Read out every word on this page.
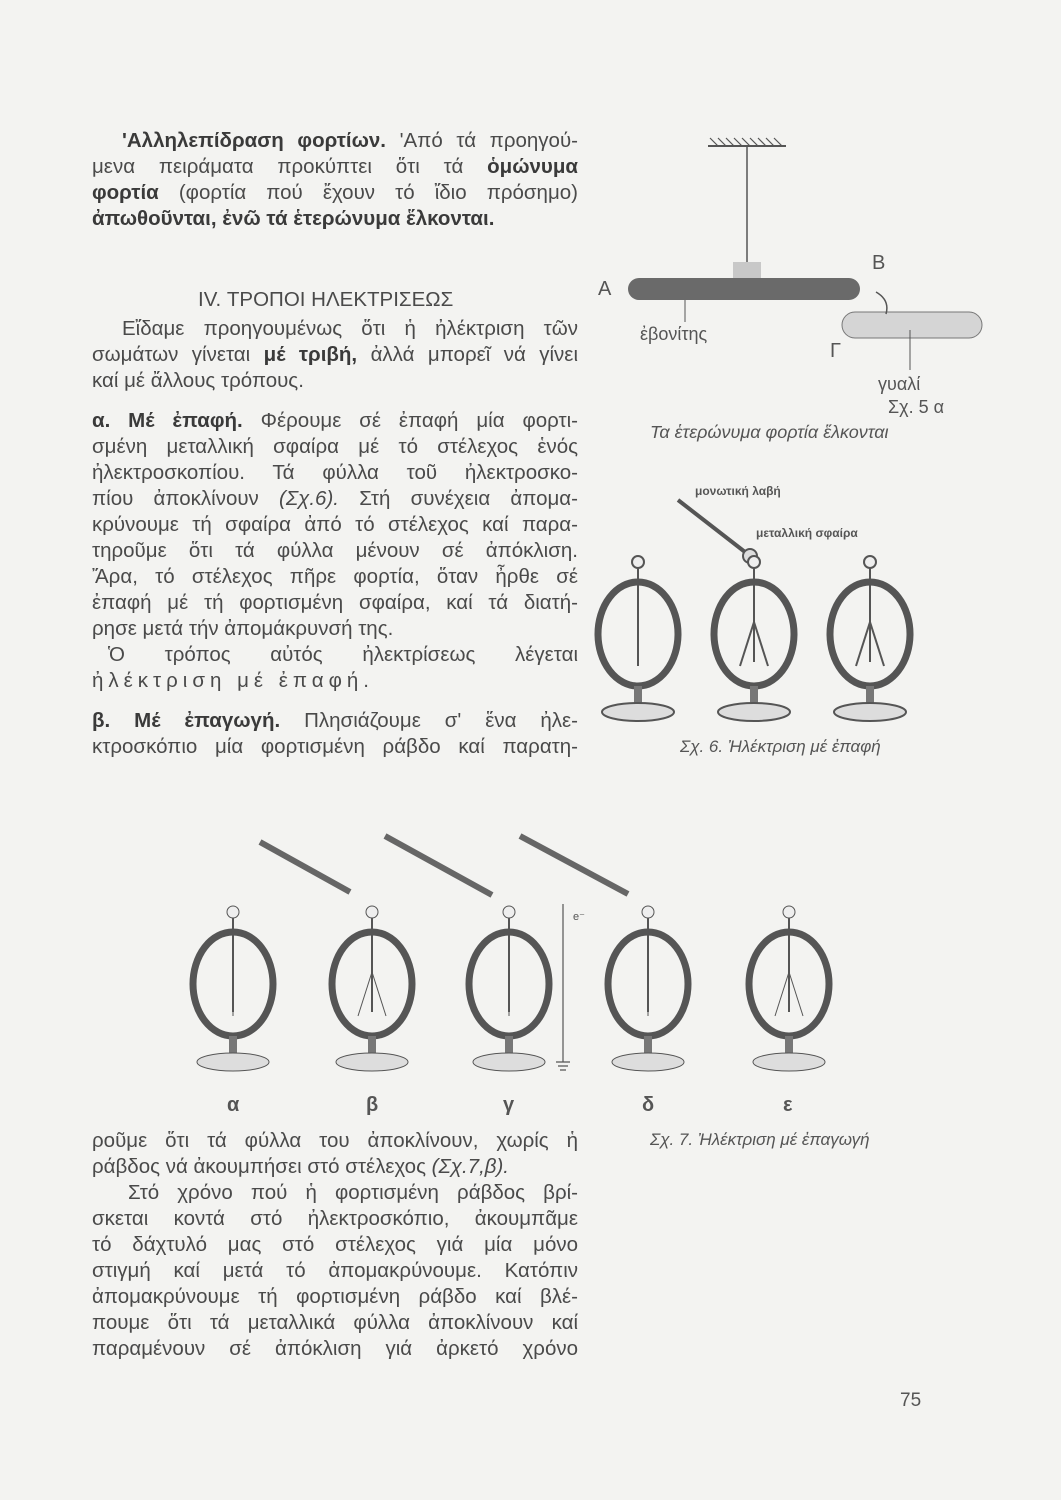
'Αλληλεπίδραση φορτίων. 'Από τά προηγού-
μενα πειράματα προκύπτει ὅτι τά ὁμώνυμα
φορτία (φορτία πού ἔχουν τό ἴδιο πρόσημο)
ἀπωθοῦνται, ἐνῶ τά ἑτερώνυμα ἕλκονται.
IV. ΤΡΟΠΟΙ ΗΛΕΚΤΡΙΣΕΩΣ
Εἴδαμε προηγουμένως ὅτι ἡ ἠλέκτριση τῶν
σωμάτων γίνεται μέ τριβή, ἀλλά μπορεῖ νά γίνει
καί μέ ἄλλους τρόπους.
α. Μέ ἐπαφή. Φέρουμε σέ ἐπαφή μία φορτι-
σμένη μεταλλική σφαίρα μέ τό στέλεχος ἑνός
ἠλεκτροσκοπίου. Τά φύλλα τοῦ ἠλεκτροσκο-
πίου ἀποκλίνουν (Σχ.6). Στή συνέχεια ἀπομα-
κρύνουμε τή σφαίρα ἀπό τό στέλεχος καί παρα-
τηροῦμε ὅτι τά φύλλα μένουν σέ ἀπόκλιση.
Ἄρα, τό στέλεχος πῆρε φορτία, ὅταν ἦρθε σέ
ἐπαφή μέ τή φορτισμένη σφαίρα, καί τά διατή-
ρησε μετά τήν ἀπομάκρυνσή της.
Ὁ τρόπος αὐτός ἠλεκτρίσεως λέγεται
ἠλέκτριση μέ ἐπαφή.
β. Μέ ἐπαγωγή. Πλησιάζουμε σ' ἕνα ἠλε-
κτροσκόπιο μία φορτισμένη ράβδο καί παρατη-
ροῦμε ὅτι τά φύλλα του ἀποκλίνουν, χωρίς ἡ
ράβδος νά ἀκουμπήσει στό στέλεχος (Σχ.7,β).
Στό χρόνο πού ἡ φορτισμένη ράβδος βρί-
σκεται κοντά στό ἠλεκτροσκόπιο, ἀκουμπᾶμε
τό δάχτυλό μας στό στέλεχος γιά μία μόνο
στιγμή καί μετά τό ἀπομακρύνουμε. Κατόπιν
ἀπομακρύνουμε τή φορτισμένη ράβδο καί βλέ-
πουμε ὅτι τά μεταλλικά φύλλα ἀποκλίνουν καί
παραμένουν σέ ἀπόκλιση γιά ἀρκετό χρόνο
A
B
Γ
ἐβονίτης
γυαλί
Σχ. 5 α
Τα ἑτερώνυμα φορτία ἕλκονται
μονωτική λαβή
μεταλλική σφαίρα
Σχ. 6. Ἠλέκτριση μέ ἐπαφή
α	β	γ	δ	ε
e⁻
Σχ. 7. Ἠλέκτριση μέ ἐπαγωγή
75
